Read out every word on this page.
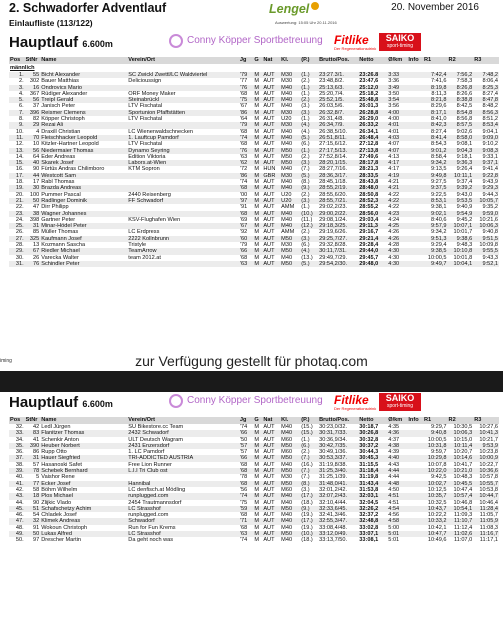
2. Schwadorfer Adventlauf	Lengel	20. November 2016
Einlaufliste (113/122)	Auswertung: 15:05 Uhr 20.11.2016
Hauptlauf 6.600m	Conny Köpper Sportbetreuung Fitlike
Der Regenerationsdrink
SAIKO
sport-timing
Pos	StNr	Name	Verein/Ort	Jg	G	Nat	Kl.	(P.)	Brutto/Pos.	Netto	Ø/km	Info	R1	R2	R3
männlich															
1.	55	Bicht Alexander	SC Zwickl Zwettl/LC Waldviertel	'79	M	AUT	M30	(1.)	23:27.3/1.	23:26.8	3:33		7:42,4	7:56,2	7:48,2
2.	302	Bauer Matthias	Delicioussign	'77	M	AUT	M30	(2.)	23:48,8/2.	23:47,6	3:36		7:41,6	7:58,3	8:06,4
3.	16	Ondrovics Mario		'76	M	AUT	M40	(1.)	25:13,6/3.	25:12,0	3:49		8:19,8	8:26,8	8:25,3
4.	367	Rüdiger Alexander	ORF Money Maker	'68	M	AUT	M40	(1.)	25:20,7/4.	25:18,2	3:50		8:11,3	8:26,6	8:27,4
5.	56	Treipl Gerald	Steinabrückl	'75	M	AUT	M40	(2.)	25:52,1/5.	25:48,8	3:54		8:21,8	8:38,8	8:47,8
6.	37	Janisch Peter	LTV Fischatal	'67	M	AUT	M40	(3.)	26:03,5/6.	26:01,3	3:56		8:29,6	8:42,5	8:48,2
7.	396	Reismer Clemens	Sportunion Pfaffstätten	'86	M	AUT	M30	(3.)	26:32,8/7.	26:28,8	4:00		8:17,1	8:54,8	8:56,3
8.	82	Köpper Christoph	LTV Fischatal	'64	M	AUT	U20	(1.)	26:31,4/8.	26:29,0	4:00		8:41,0	8:56,8	8:51,2
9.	29	Rezai Ali		'79	M	AUT	M30	(4.)	26:34,7/9.	26:33,2	4:01		8:42,3	8:57,5	8:53,4
10.	4	Draxill Christian	LC Wienerwaldschnecken	'68	M	AUT	M40	(4.)	26:38,5/10.	26:34,1	4:01		8:27,4	9:02,6	9:04,1
11.	70	Fleischhacker Leopold	1. Lauftcup Pamdorf	'74	M	AUT	M40	(5.)	26:51,8/11.	26:48,4	4:03		8:41,4	8:58,0	9:09,0
12.	10	Kitzler-Hartner Leopold	LTV Fischatal	'68	M	AUT	M40	(6.)	27:15,6/12.	27:12,8	4:07		8:54,3	9:08,1	9:10,2
13.	56	Niedermaier Thomas	Dynamo Seyring	'76	M	AUT	M50	(1.)	27:17,5/13.	27:13,8	4:07		9:01,2	9:04,3	9:08,3
14.	64	Eder Andreas	Edition Viktoria	'63	M	AUT	M50	(2.)	27:52,8/14.	27:49,6	4:13		8:58,4	9:18,1	9:33,1
15.	40	Skarek Josef	Labors.at-Wien	'62	M	AUT	M50	(3.)	28:20,1/15.	28:17,8	4:17		9:34,2	9:36,3	9:37,1
16.	90	Fürtüs Andras Chilimboro	KTM Sopron	'72	M	HUN	M40	(7.)	28:27,7/16.	28:21,3	4:17		9:13,5	9:26,4	9:41,4
17.	44	Westcott Sam		'86	M	GBR	M30	(5.)	28:36,3/17.	28:33,5	4:19		9:49,8	10:11,1	9:22,8
18.	17	Rabl Thomas		'74	M	AUT	M40	(8.)	28:45,1/18.	28:43,8	4:21		9:27,5	9:37,4	9:43,9
19.	30	Brazda Andreas		'68	M	AUT	M40	(9.)	28:55,2/19.	28:48,0	4:21		9:37,5	9:39,2	9:29,3
20.	100	Pummer Pascal	2440 Reisenberg	'00	M	AUT	U20	(2.)	28:55,6/20.	28:50,8	4:22		9:22,5	9:43,0	9:44,3
21.	50	Radlinger Dominik	FF Schwadorf	'97	M	AUT	U20	(3.)	28:55,7/21.	28:52,3	4:22		8:53,1	9:53,5	10:05,7
22.	47	Dirr Philipp		'91	M	AUT	AMM	(1.)	29:02,2/23.	28:55,2	4:22		9:38,1	9:40,9	9:35,2
23.	38	Wagner Johannes		'68	M	AUT	M40	(10.)	29:00,2/22.	28:56,0	4:23		9:02,1	9:54,9	9:59,0
24.	398	Gartner Peter	KSV-Flughafen Wien	'69	M	AUT	M40	(11.)	29:08,1/24.	29:03,4	4:24		8:40,6	9:45,2	10:21,6
25.	31	Minar-Hödel Peter		'67	M	AUT	M40	(12.)	29:18,3/25.	29:11,3	4:25		9:57,9	10:07,1	10:06,3
26.	85	Müller Thomas	LC Erdpress	'92	M	AUT	AMM	(2.)	29:19,6/26.	29:16,7	4:26		9:34,2	10:01,7	9:40,8
27.	325	Kaufmann Josef	2222 Kollnbrunn	'60	M	AUT	M50	(3.)	29:25,7/27.	29:21,4	4:26		9:51,3	9:38,6	9:51,5
28.	13	Kozmann Sascha	Tristyle	'79	M	AUT	M30	(6.)	29:32,8/28.	29:28,4	4:28		9:29,4	9:48,3	10:09,8
29.	67	Riedler Michael	TeamArrow	'66	M	AUT	M50	(4.)	30:11,7/31.	29:44,0	4:30		9:38,5	10:10,8	9:55,5
30.	26	Varecka Walter	team 2012.at	'68	M	AUT	M40	(13.)	29:49,7/29.	29:45,7	4:30		10:00,5	10:01,8	9:43,3
31.	76	Schindler Peter		'63	M	AUT	M50	(5.)	29:54,2/30.	29:48,0	4:30		9:49,7	10:04,1	9:52,1
zur Verfügung gestellt für photaq.com
iming
Hauptlauf 6.600m	Conny Köpper Sportbetreuung Fitlike
Der Regenerationsdrink
SAIKO
sport-timing
Pos	StNr	Name	Verein/Ort	Jg	G	Nat	Kl.	(P.)	Brutto/Pos.	Netto	Ø/km	Info	R1	R2	R3
32.	42	Ledl Jürgen	SU Bikestore.cc Team	'74	M	AUT	M40	(15.)	30:23,0/32.	30:18,7	4:35		9:29,7	10:30,5	10:27,6
33.	83	Flanitzer Thomas	2432 Schwadorf	'66	M	AUT	M40	(15.)	30:31,7/33.	30:26,8	4:36		9:40,8	10:06,3	10:41,3
34.	41	Schenkir Anton	ULT Deutsch Wagram	'50	M	AUT	M60	(1.)	30:36,9/34.	30:32,8	4:37		10:00,5	10:15,0	10:21,7
35.	390	Heuber Norbert	2431 Enzersdorf	'57	M	AUT	M50	(6.)	30:42,7/35.	30:37,2	4:38		10:31,8	10:11,4	9:53,9
36.	86	Rupp Otto	1. LC Pamdorf	'57	M	AUT	M60	(2.)	30:49,1/36.	30:44,3	4:39		9:59,7	10:20,7	10:23,8
37.	31	Hauer Siegfried	TRI-ADDICTED AUSTRIA	'66	M	AUT	M50	(7.)	30:53,3/37.	30:45,3	4:40		10:29,8	10:14,6	10:00,9
38.	57	Hasanoski Safet	Free Lion Runner	'68	M	AUT	M40	(16.)	31:19,8/38.	31:15,5	4:43		10:07,8	10:41,7	10:22,7
39.	78	Schebek Bernhard	L.I.I Tri Club ost	'68	M	AUT	M50	(7.)	31:25,3/40.	31:18,4	4:44		10:22,0	10:21,0	10:36,6
40.	5	Vaishor Rene		'78	M	AUT	M30	(7.)	31:25,1/39.	31:19,8	4:44		9:42,5	10:48,3	10:57,8
41.	77	Ecker Josef	Hannibal	'68	M	AUT	M50	(8.)	31:48,0/41.	31:43,4	4:48		10:02,7	10:45,5	10:55,7
42.	58	Böhm Wilhelm	LC denfisch.at Mödling	'56	M	AUT	M60	(3.)	32:01,2/42.	31:53,8	4:50		10:12,5	10:47,4	10:53,8
43.	18	Plos Michael	runplugged.com	'74	M	AUT	M40	(17.)	32:07,2/43.	32:03,1	4:51		10:35,7	10:57,4	10:44,7
44.	90	Zlijkic Vlado	2454 Trautmannsdorf	'75	M	AUT	M40	(18.)	32:10,4/44.	32:04,5	4:51		10:32,5	10:46,8	10:46,4
45.	51	Schafschetzy Achim	LC Strasshof	'59	M	AUT	M50	(9.)	32:33,6/45.	32:26,2	4:54		10:43,7	10:54,1	11:28,4
46.	54	Chladek Josef	runplugged.com	'68	M	AUT	M40	(19.)	32:41,3/46.	32:37,2	4:56		10:22,2	11:09,3	11:05,7
47.	32	Klimek Andreas	Schwadorf	'71	M	AUT	M40	(17.)	32:55,3/47.	32:48,8	4:58		10:33,2	11:10,7	11:05,9
48.	91	Wokoun Christoph	Run for Fun Krems	'68	M	AUT	M40	(19.)	33:08,4/48.	33:02,8	5:00		10:42,1	11:12,4	11:08,3
49.	50	Lukas Alfred	LC Strasshof	'63	M	AUT	M50	(10.)	33:12,0/49.	33:07,1	5:01		10:47,7	11:02,6	11:16,7
50.	97	Drescher Martin	Da geht noch was	'74	M	AUT	M40	(18.)	33:13,7/50.	33:08,1	5:01		10:49,6	11:07,0	11:17,1
